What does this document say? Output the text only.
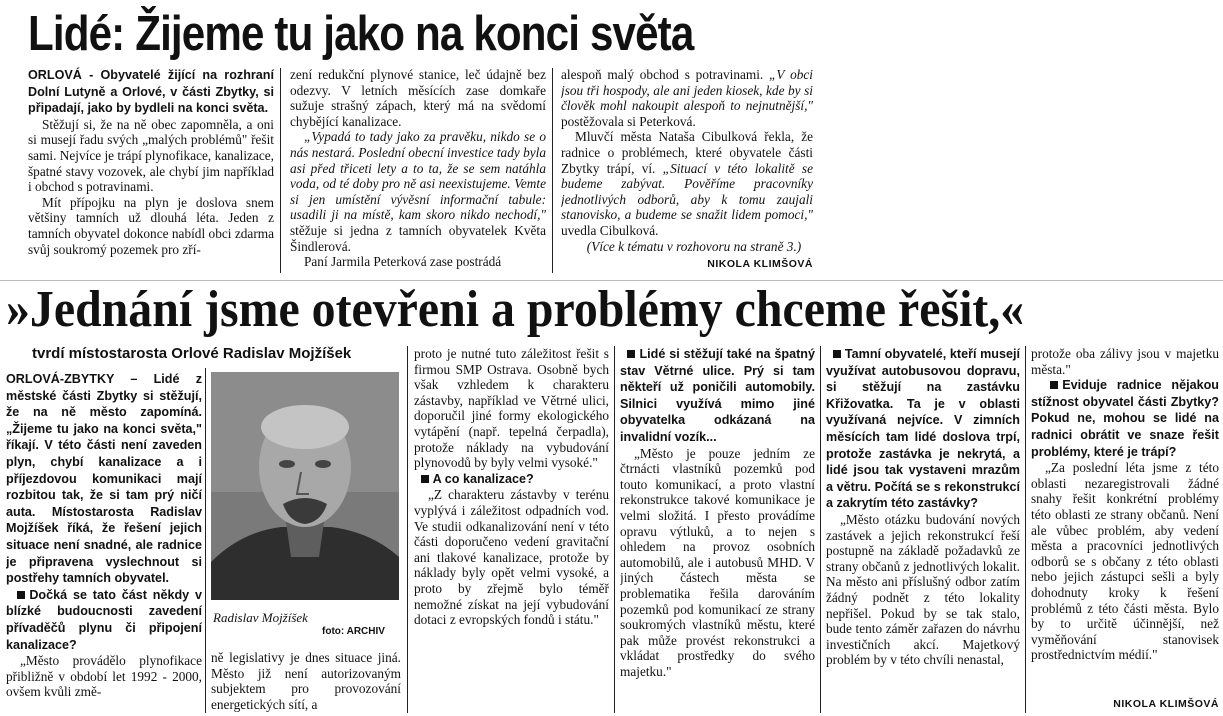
Lidé: Žijeme tu jako na konci světa

ORLOVÁ - Obyvatelé žijící na rozhraní Dolní Lutyně a Orlové, v části Zbytky, si připadají, jako by bydleli na konci světa.

Stěžují si, že na ně obec zapomněla, a oni si musejí řadu svých „malých problémů" řešit sami. Nejvíce je trápí plynofikace, kanalizace, špatné stavy vozovek, ale chybí jim například i obchod s potravinami.

Mít přípojku na plyn je doslova snem většiny tamních už dlouhá léta. Jeden z tamních obyvatel dokonce nabídl obci zdarma svůj soukromý pozemek pro zří-

zení redukční plynové stanice, leč údajně bez odezvy. V letních měsících zase domkaře sužuje strašný zápach, který má na svědomí chybějící kanalizace.

„Vypadá to tady jako za pravěku, nikdo se o nás nestará. Poslední obecní investice tady byla asi před třiceti lety a to ta, že se sem natáhla voda, od té doby pro ně asi neexistujeme. Vemte si jen umístění vývěsní informační tabule: usadili ji na místě, kam skoro nikdo nechodí," stěžuje si jedna z tamních obyvatelek Květa Šindlerová.

Paní Jarmila Peterková zase postrádá

alespoň malý obchod s potravinami. „V obci jsou tři hospody, ale ani jeden kiosek, kde by si člověk mohl nakoupit alespoň to nejnutnější," postěžovala si Peterková.

Mluvčí města Nataša Cibulková řekla, že radnice o problémech, které obyvatele části Zbytky trápí, ví. „Situací v této lokalitě se budeme zabývat. Pověříme pracovníky jednotlivých odborů, aby k tomu zaujali stanovisko, a budeme se snažit lidem pomoci," uvedla Cibulková.

(Více k tématu v rozhovoru na straně 3.)

NIKOLA KLIMŠOVÁ
»Jednání jsme otevřeni a problémy chceme řešit,«
tvrdí místostarosta Orlové Radislav Mojžíšek

ORLOVÁ-ZBYTKY – Lidé z městské části Zbytky si stěžují, že na ně město zapomíná. „Žijeme tu jako na konci světa," říkají. V této části není zaveden plyn, chybí kanalizace a i příjezdovou komunikaci mají rozbitou tak, že si tam prý ničí auta. Místostarosta Radislav Mojžíšek říká, že řešení jejich situace není snadné, ale radnice je připravena vyslechnout si postřehy tamních obyvatel.

Dočká se tato část někdy v blízké budoucnosti zavedení přívaděčů plynu či připojení kanalizace?

„Město provádělo plynofikace přibližně v období let 1992 - 2000, ovšem kvůli změ-

Radislav Mojžíšek
foto: ARCHIV

ně legislativy je dnes situace jiná. Město již není autorizovaným subjektem pro provozování energetických sítí, a

proto je nutné tuto záležitost řešit s firmou SMP Ostrava. Osobně bych však vzhledem k charakteru zástavby, například ve Větrné ulici, doporučil jiné formy ekologického vytápění (např. tepelná čerpadla), protože náklady na vybudování plynovodů by byly velmi vysoké."

A co kanalizace?

„Z charakteru zástavby v terénu vyplývá i záležitost odpadních vod. Ve studii odkanalizování není v této části doporučeno vedení gravitační ani tlakové kanalizace, protože by náklady byly opět velmi vysoké, a proto by zřejmě bylo téměř nemožné získat na její vybudování dotaci z evropských fondů i státu."

Lidé si stěžují také na špatný stav Větrné ulice. Prý si tam někteří už poničili automobily. Silnici využívá mimo jiné obyvatelka odkázaná na invalidní vozík...

„Město je pouze jedním ze čtrnácti vlastníků pozemků pod touto komunikací, a proto vlastní rekonstrukce takové komunikace je velmi složitá. I přesto provádíme opravu výtluků, a to nejen s ohledem na provoz osobních automobilů, ale i autobusů MHD. V jiných částech města se problematika řešila darováním pozemků pod komunikací ze strany soukromých vlastníků městu, které pak může provést rekonstrukci a vkládat prostředky do svého majetku."

Tamní obyvatelé, kteří musejí využívat autobusovou dopravu, si stěžují na zastávku Křižovatka. Ta je v oblasti využívaná nejvíce. V zimních měsících tam lidé doslova trpí, protože zastávka je nekrytá, a lidé jsou tak vystaveni mrazům a větru. Počítá se s rekonstrukcí a zakrytím této zastávky?

„Město otázku budování nových zastávek a jejich rekonstrukcí řeší postupně na základě požadavků ze strany občanů z jednotlivých lokalit. Na město ani příslušný odbor zatím žádný podnět z této lokality nepřišel. Pokud by se tak stalo, bude tento záměr zařazen do návrhu investičních akcí. Majetkový problém by v této chvíli nenastal,

protože oba zálivy jsou v majetku města."

Eviduje radnice nějakou stížnost obyvatel části Zbytky? Pokud ne, mohou se lidé na radnici obrátit ve snaze řešit problémy, které je trápí?

„Za poslední léta jsme z této oblasti nezaregistrovali žádné snahy řešit konkrétní problémy této oblasti ze strany občanů. Není ale vůbec problém, aby vedení města a pracovníci jednotlivých odborů se s občany z této oblasti nebo jejich zástupci sešli a byly dohodnuty kroky k řešení problémů z této části města. Bylo by to určitě účinnější, než vyměňování stanovisek prostřednictvím médií."

NIKOLA KLIMŠOVÁ
